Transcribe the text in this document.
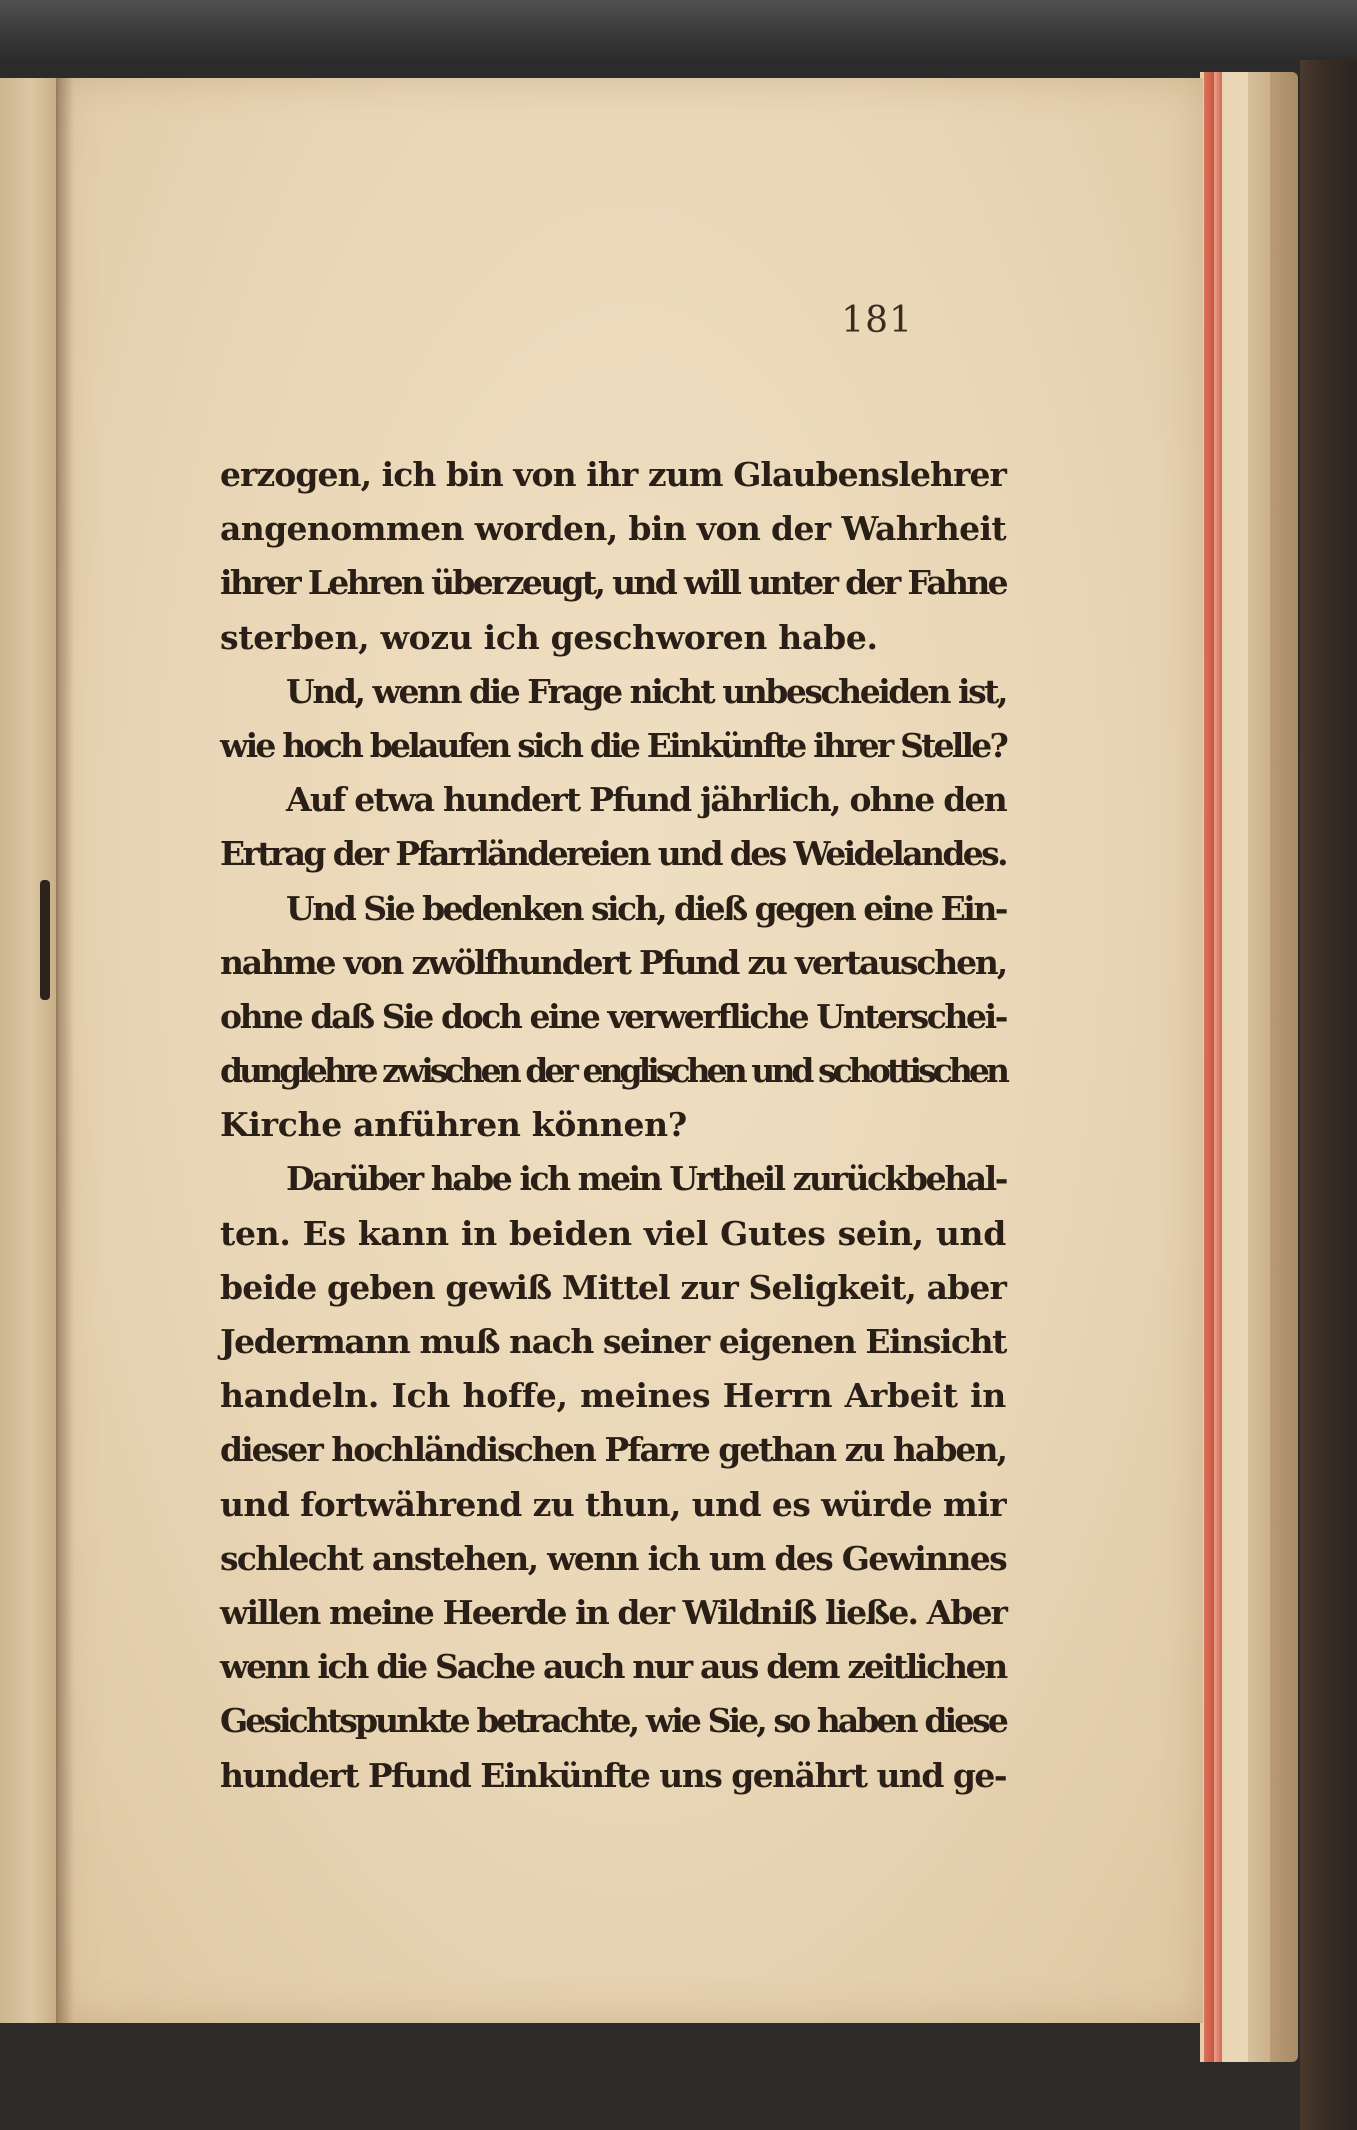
181
erzogen, ich bin von ihr zum Glaubenslehrer
angenommen worden, bin von der Wahrheit
ihrer Lehren überzeugt, und will unter der Fahne
sterben, wozu ich geschworen habe.
Und, wenn die Frage nicht unbescheiden ist,
wie hoch belaufen sich die Einkünfte ihrer Stelle?
Auf etwa hundert Pfund jährlich, ohne den
Ertrag der Pfarrländereien und des Weidelandes.
Und Sie bedenken sich, dieß gegen eine Ein-
nahme von zwölfhundert Pfund zu vertauschen,
ohne daß Sie doch eine verwerfliche Unterschei-
dunglehre zwischen der englischen und schottischen
Kirche anführen können?
Darüber habe ich mein Urtheil zurückbehal-
ten. Es kann in beiden viel Gutes sein, und
beide geben gewiß Mittel zur Seligkeit, aber
Jedermann muß nach seiner eigenen Einsicht
handeln. Ich hoffe, meines Herrn Arbeit in
dieser hochländischen Pfarre gethan zu haben,
und fortwährend zu thun, und es würde mir
schlecht anstehen, wenn ich um des Gewinnes
willen meine Heerde in der Wildniß ließe. Aber
wenn ich die Sache auch nur aus dem zeitlichen
Gesichtspunkte betrachte, wie Sie, so haben diese
hundert Pfund Einkünfte uns genährt und ge-
